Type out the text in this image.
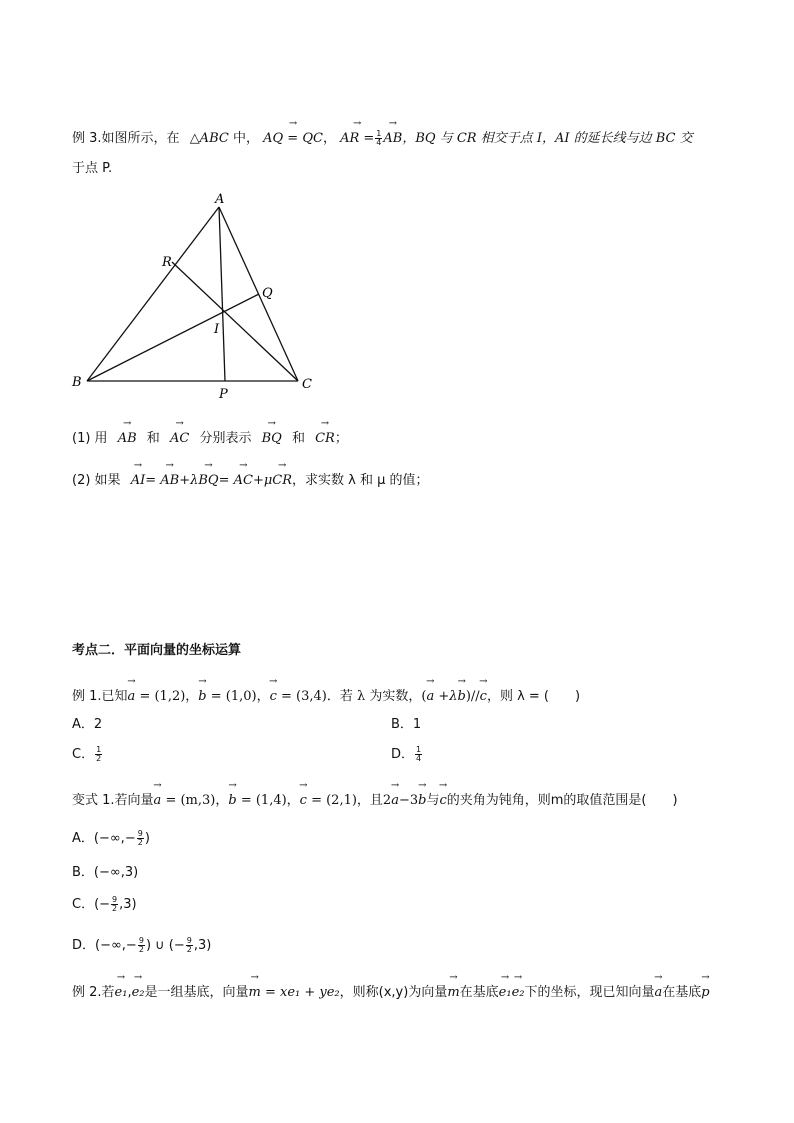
例 3.如图所示，在 △ABC 中， → AQ = QC， → AR = $\frac{1}{4}$ → AB，BQ 与 CR 相交于点 I，AI 的延长线与边 BC 交
于点 P.
A
B	C
P
Q
R
I
(1) 用 → AB 和 → AC 分别表示 → BQ 和 → CR；
(2) 如果 → AI= → AB+λ→ BQ= → AC+μ→ CR，求实数 λ 和 μ 的值；
考点二．平面向量的坐标运算
例 1.已知→ a = (1,2)，→ b = (1,0)，→ c = (3,4)．若 λ 为实数，(→ a +λ→ b)//→ c，则 λ = (　　)
A．2	B．1
C． $\frac{1}{2}$	D． $\frac{1}{4}$
变式 1.若向量→ a = (m,3)，→ b = (1,4)，→ c = (2,1)，且2→ a−3→ b与→ c的夹角为钝角，则m的取值范围是(　　)
A．(−∞,− $\frac{9}{2}$ )
B．(−∞,3)
C．(− $\frac{9}{2} ,3$)
D．(−∞,− $\frac{9}{2}$ ) ∪ (− $\frac{9}{2} ,3$)
例 2.若→ e₁,→ e₂是一组基底，向量→ m = xe₁ + ye₂，则称(x,y)为向量→ m在基底→ e₁→ e₂下的坐标，现已知向量→ a在基底→ p
